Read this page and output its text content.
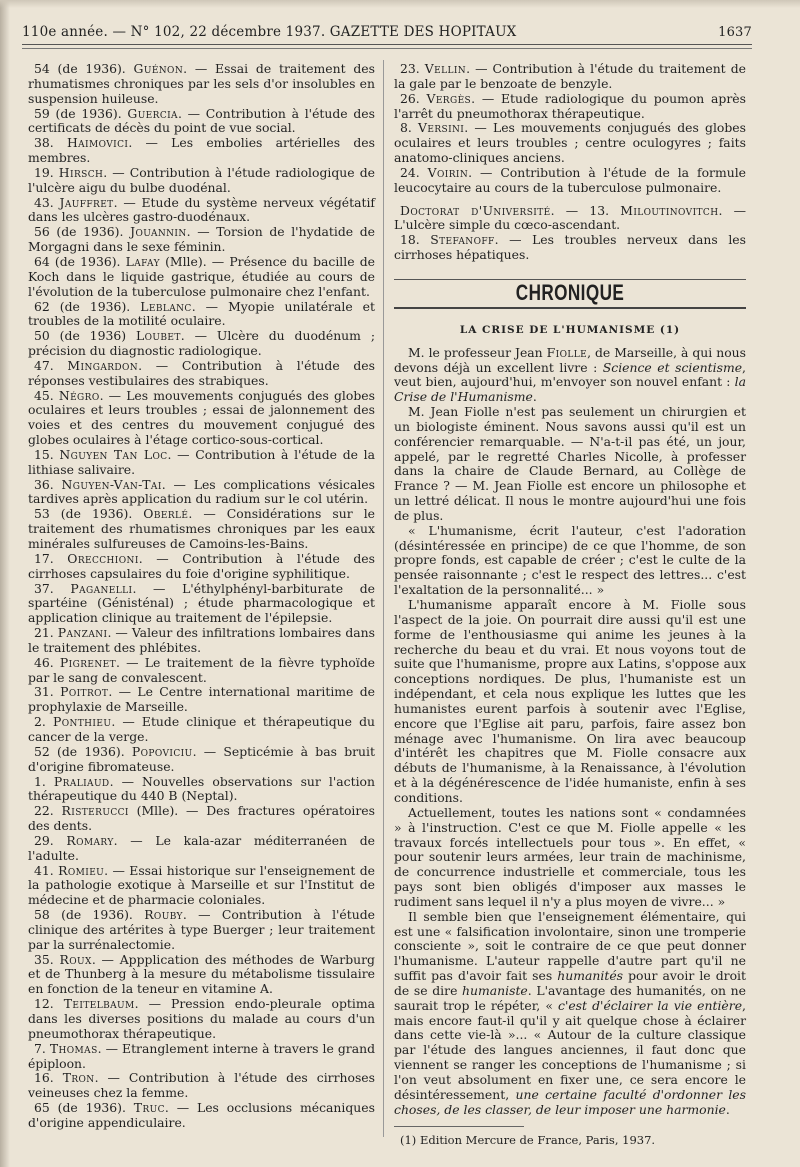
110e année. — N° 102, 22 décembre 1937. GAZETTE DES HOPITAUX	1637
54 (de 1936). Guénon. — Essai de traitement des rhumatismes chroniques par les sels d'or insolubles en suspension huileuse.
59 (de 1936). Guercia. — Contribution à l'étude des certificats de décès du point de vue social.
38. Haimovici. — Les embolies artérielles des membres.
19. Hirsch. — Contribution à l'étude radiologique de l'ulcère aigu du bulbe duodénal.
43. Jauffret. — Etude du système nerveux végétatif dans les ulcères gastro-duodénaux.
56 (de 1936). Jouannin. — Torsion de l'hydatide de Morgagni dans le sexe féminin.
64 (de 1936). Lafay (Mlle). — Présence du bacille de Koch dans le liquide gastrique, étudiée au cours de l'évolution de la tuberculose pulmonaire chez l'enfant.
62 (de 1936). Leblanc. — Myopie unilatérale et troubles de la motilité oculaire.
50 (de 1936) Loubet. — Ulcère du duodénum ; précision du diagnostic radiologique.
47. Mingardon. — Contribution à l'étude des réponses vestibulaires des strabiques.
45. Négro. — Les mouvements conjugués des globes oculaires et leurs troubles ; essai de jalonnement des voies et des centres du mouvement conjugué des globes oculaires à l'étage cortico-sous-cortical.
15. Nguyen Tan Loc. — Contribution à l'étude de la lithiase salivaire.
36. Nguyen-Van-Tai. — Les complications vésicales tardives après application du radium sur le col utérin.
53 (de 1936). Oberlé. — Considérations sur le traitement des rhumatismes chroniques par les eaux minérales sulfureuses de Camoins-les-Bains.
17. Orecchioni. — Contribution à l'étude des cirrhoses capsulaires du foie d'origine syphilitique.
37. Paganelli. — L'éthylphényl-barbiturate de spartéine (Génisténal) ; étude pharmacologique et application clinique au traitement de l'épilepsie.
21. Panzani. — Valeur des infiltrations lombaires dans le traitement des phlébites.
46. Pigrenet. — Le traitement de la fièvre typhoïde par le sang de convalescent.
31. Poitrot. — Le Centre international maritime de prophylaxie de Marseille.
2. Ponthieu. — Etude clinique et thérapeutique du cancer de la verge.
52 (de 1936). Popoviciu. — Septicémie à bas bruit d'origine fibromateuse.
1. Praliaud. — Nouvelles observations sur l'action thérapeutique du 440 B (Neptal).
22. Risterucci (Mlle). — Des fractures opératoires des dents.
29. Romary. — Le kala-azar méditerranéen de l'adulte.
41. Romieu. — Essai historique sur l'enseignement de la pathologie exotique à Marseille et sur l'Institut de médecine et de pharmacie coloniales.
58 (de 1936). Rouby. — Contribution à l'étude clinique des artérites à type Buerger ; leur traitement par la surrénalectomie.
35. Roux. — Appplication des méthodes de Warburg et de Thunberg à la mesure du métabolisme tissulaire en fonction de la teneur en vitamine A.
12. Teitelbaum. — Pression endo-pleurale optima dans les diverses positions du malade au cours d'un pneumothorax thérapeutique.
7. Thomas. — Etranglement interne à travers le grand épiploon.
16. Tron. — Contribution à l'étude des cirrhoses veineuses chez la femme.
65 (de 1936). Truc. — Les occlusions mécaniques d'origine appendiculaire.
23. Vellin. — Contribution à l'étude du traitement de la gale par le benzoate de benzyle.
26. Vergès. — Etude radiologique du poumon après l'arrêt du pneumothorax thérapeutique.
8. Versini. — Les mouvements conjugués des globes oculaires et leurs troubles ; centre oculogyres ; faits anatomo-cliniques anciens.
24. Voirin. — Contribution à l'étude de la formule leucocytaire au cours de la tuberculose pulmonaire.
Doctorat d'Université. — 13. Miloutinovitch. — L'ulcère simple du cœco-ascendant.
18. Stefanoff. — Les troubles nerveux dans les cirrhoses hépatiques.
CHRONIQUE
LA CRISE DE L'HUMANISME (1)

M. le professeur Jean Fiolle, de Marseille, à qui nous devons déjà un excellent livre : Science et scientisme, veut bien, aujourd'hui, m'envoyer son nouvel enfant : la Crise de l'Humanisme.

M. Jean Fiolle n'est pas seulement un chirurgien et un biologiste éminent. Nous savons aussi qu'il est un conférencier remarquable. — N'a-t-il pas été, un jour, appelé, par le regretté Charles Nicolle, à professer dans la chaire de Claude Bernard, au Collège de France ? — M. Jean Fiolle est encore un philosophe et un lettré délicat. Il nous le montre aujourd'hui une fois de plus.

« L'humanisme, écrit l'auteur, c'est l'adoration (désintéressée en principe) de ce que l'homme, de son propre fonds, est capable de créer ; c'est le culte de la pensée raisonnante ; c'est le respect des lettres... c'est l'exaltation de la personnalité... »

L'humanisme apparaît encore à M. Fiolle sous l'aspect de la joie. On pourrait dire aussi qu'il est une forme de l'enthousiasme qui anime les jeunes à la recherche du beau et du vrai. Et nous voyons tout de suite que l'humanisme, propre aux Latins, s'oppose aux conceptions nordiques. De plus, l'humaniste est un indépendant, et cela nous explique les luttes que les humanistes eurent parfois à soutenir avec l'Eglise, encore que l'Eglise ait paru, parfois, faire assez bon ménage avec l'humanisme. On lira avec beaucoup d'intérêt les chapitres que M. Fiolle consacre aux débuts de l'humanisme, à la Renaissance, à l'évolution et à la dégénérescence de l'idée humaniste, enfin à ses conditions.

Actuellement, toutes les nations sont « condamnées » à l'instruction. C'est ce que M. Fiolle appelle « les travaux forcés intellectuels pour tous ». En effet, « pour soutenir leurs armées, leur train de machinisme, de concurrence industrielle et commerciale, tous les pays sont bien obligés d'imposer aux masses le rudiment sans lequel il n'y a plus moyen de vivre... »

Il semble bien que l'enseignement élémentaire, qui est une « falsification involontaire, sinon une tromperie consciente », soit le contraire de ce que peut donner l'humanisme. L'auteur rappelle d'autre part qu'il ne suffit pas d'avoir fait ses humanités pour avoir le droit de se dire humaniste. L'avantage des humanités, on ne saurait trop le répéter, « c'est d'éclairer la vie entière, mais encore faut-il qu'il y ait quelque chose à éclairer dans cette vie-là »... « Autour de la culture classique par l'étude des langues anciennes, il faut donc que viennent se ranger les conceptions de l'humanisme ; si l'on veut absolument en fixer une, ce sera encore le désintéressement, une certaine faculté d'ordonner les choses, de les classer, de leur imposer une harmonie.

(1) Edition Mercure de France, Paris, 1937.
